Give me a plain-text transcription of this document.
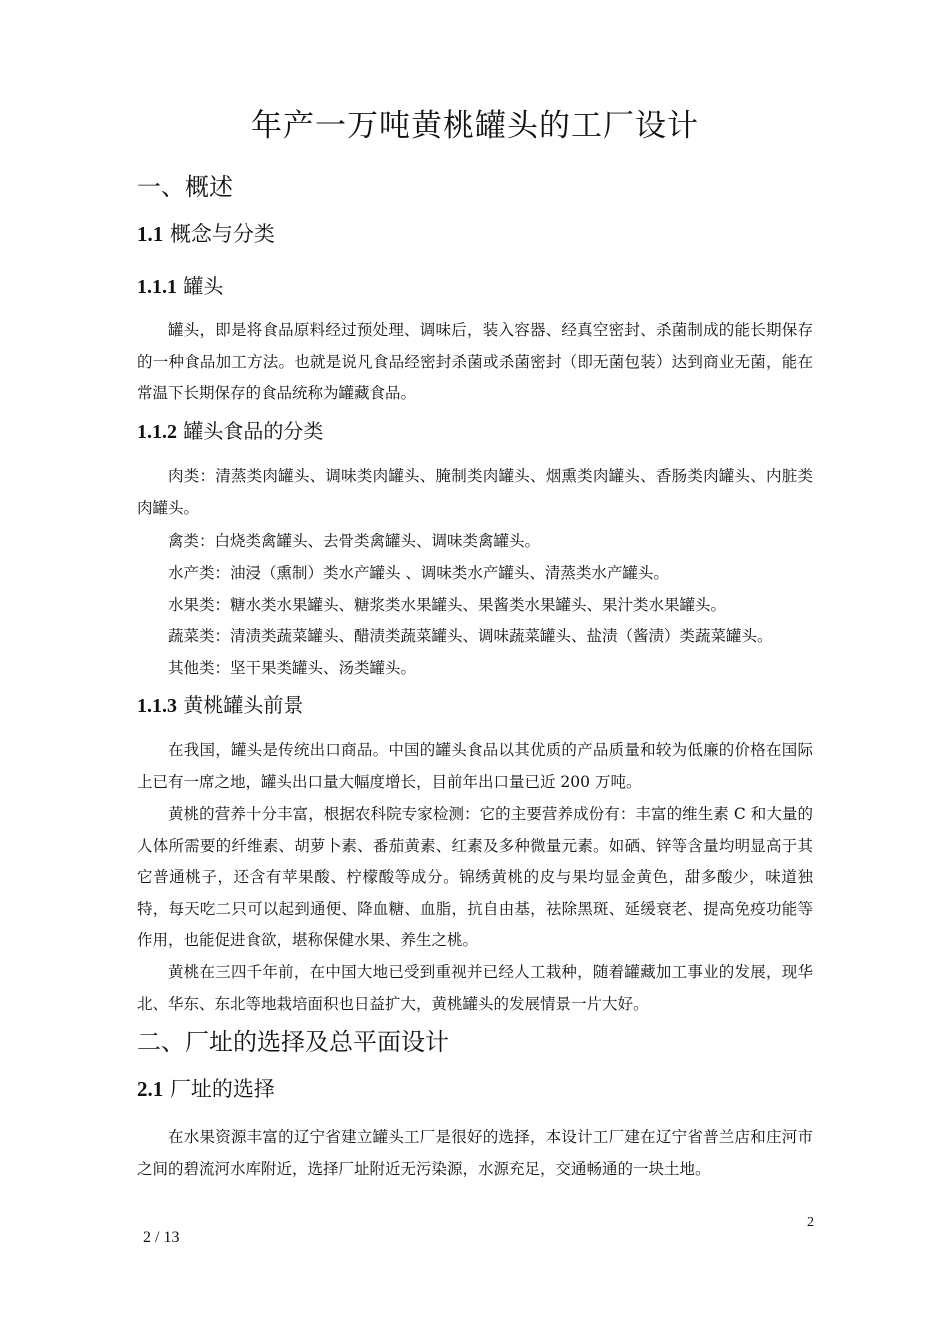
年产一万吨黄桃罐头的工厂设计
一、概述
1.1 概念与分类
1.1.1 罐头

罐头，即是将食品原料经过预处理、调味后，装入容器、经真空密封、杀菌制成的能长期保存的一种食品加工方法。也就是说凡食品经密封杀菌或杀菌密封（即无菌包装）达到商业无菌，能在常温下长期保存的食品统称为罐藏食品。

1.1.2 罐头食品的分类

肉类：清蒸类肉罐头、调味类肉罐头、腌制类肉罐头、烟熏类肉罐头、香肠类肉罐头、内脏类肉罐头。

禽类：白烧类禽罐头、去骨类禽罐头、调味类禽罐头。

水产类：油浸（熏制）类水产罐头 、调味类水产罐头、清蒸类水产罐头。

水果类：糖水类水果罐头、糖浆类水果罐头、果酱类水果罐头、果汁类水果罐头。

蔬菜类：清渍类蔬菜罐头、醋渍类蔬菜罐头、调味蔬菜罐头、盐渍（酱渍）类蔬菜罐头。

其他类：坚干果类罐头、汤类罐头。

1.1.3 黄桃罐头前景

在我国，罐头是传统出口商品。中国的罐头食品以其优质的产品质量和较为低廉的价格在国际上已有一席之地，罐头出口量大幅度增长，目前年出口量已近 200 万吨。

黄桃的营养十分丰富，根据农科院专家检测：它的主要营养成份有：丰富的维生素 C 和大量的人体所需要的纤维素、胡萝卜素、番茄黄素、红素及多种微量元素。如硒、锌等含量均明显高于其它普通桃子，还含有苹果酸、柠檬酸等成分。锦绣黄桃的皮与果均显金黄色，甜多酸少，味道独特，每天吃二只可以起到通便、降血糖、血脂，抗自由基，祛除黑斑、延缓衰老、提高免疫功能等作用，也能促进食欲，堪称保健水果、养生之桃。

黄桃在三四千年前，在中国大地已受到重视并已经人工栽种，随着罐藏加工事业的发展，现华北、华东、东北等地栽培面积也日益扩大，黄桃罐头的发展情景一片大好。

二、厂址的选择及总平面设计
2.1 厂址的选择

在水果资源丰富的辽宁省建立罐头工厂是很好的选择，本设计工厂建在辽宁省普兰店和庄河市之间的碧流河水库附近，选择厂址附近无污染源，水源充足，交通畅通的一块土地。

2
2 / 13
